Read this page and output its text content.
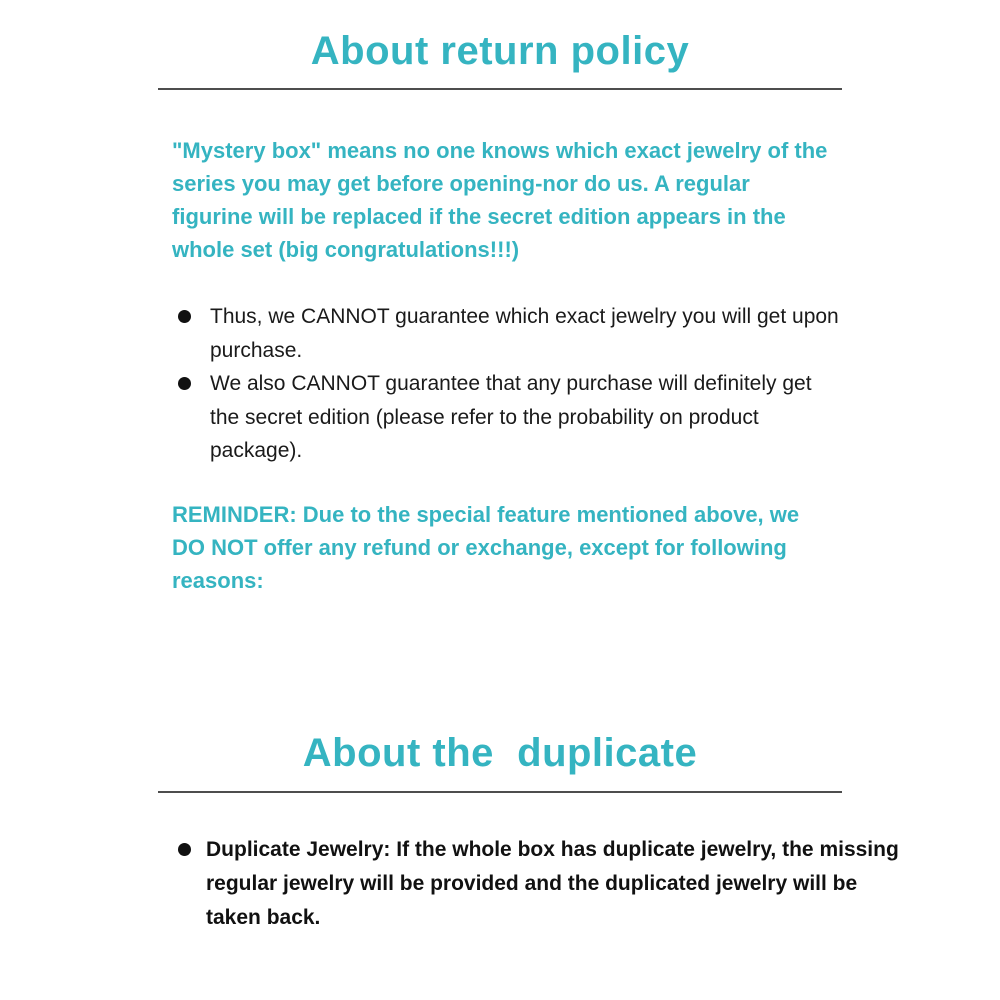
About return policy

"Mystery box" means no one knows which exact jewelry of the series you may get before opening-nor do us. A regular figurine will be replaced if the secret edition appears in the whole set (big congratulations!!!)

Thus, we CANNOT guarantee which exact jewelry you will get upon purchase.
We also CANNOT guarantee that any purchase will definitely get the secret edition (please refer to the probability on product package).

REMINDER: Due to the special feature mentioned above, we DO NOT offer any refund or exchange, except for following reasons:

About the  duplicate
Duplicate Jewelry: If the whole box has duplicate jewelry, the missing regular jewelry will be provided and the duplicated jewelry will be taken back.
